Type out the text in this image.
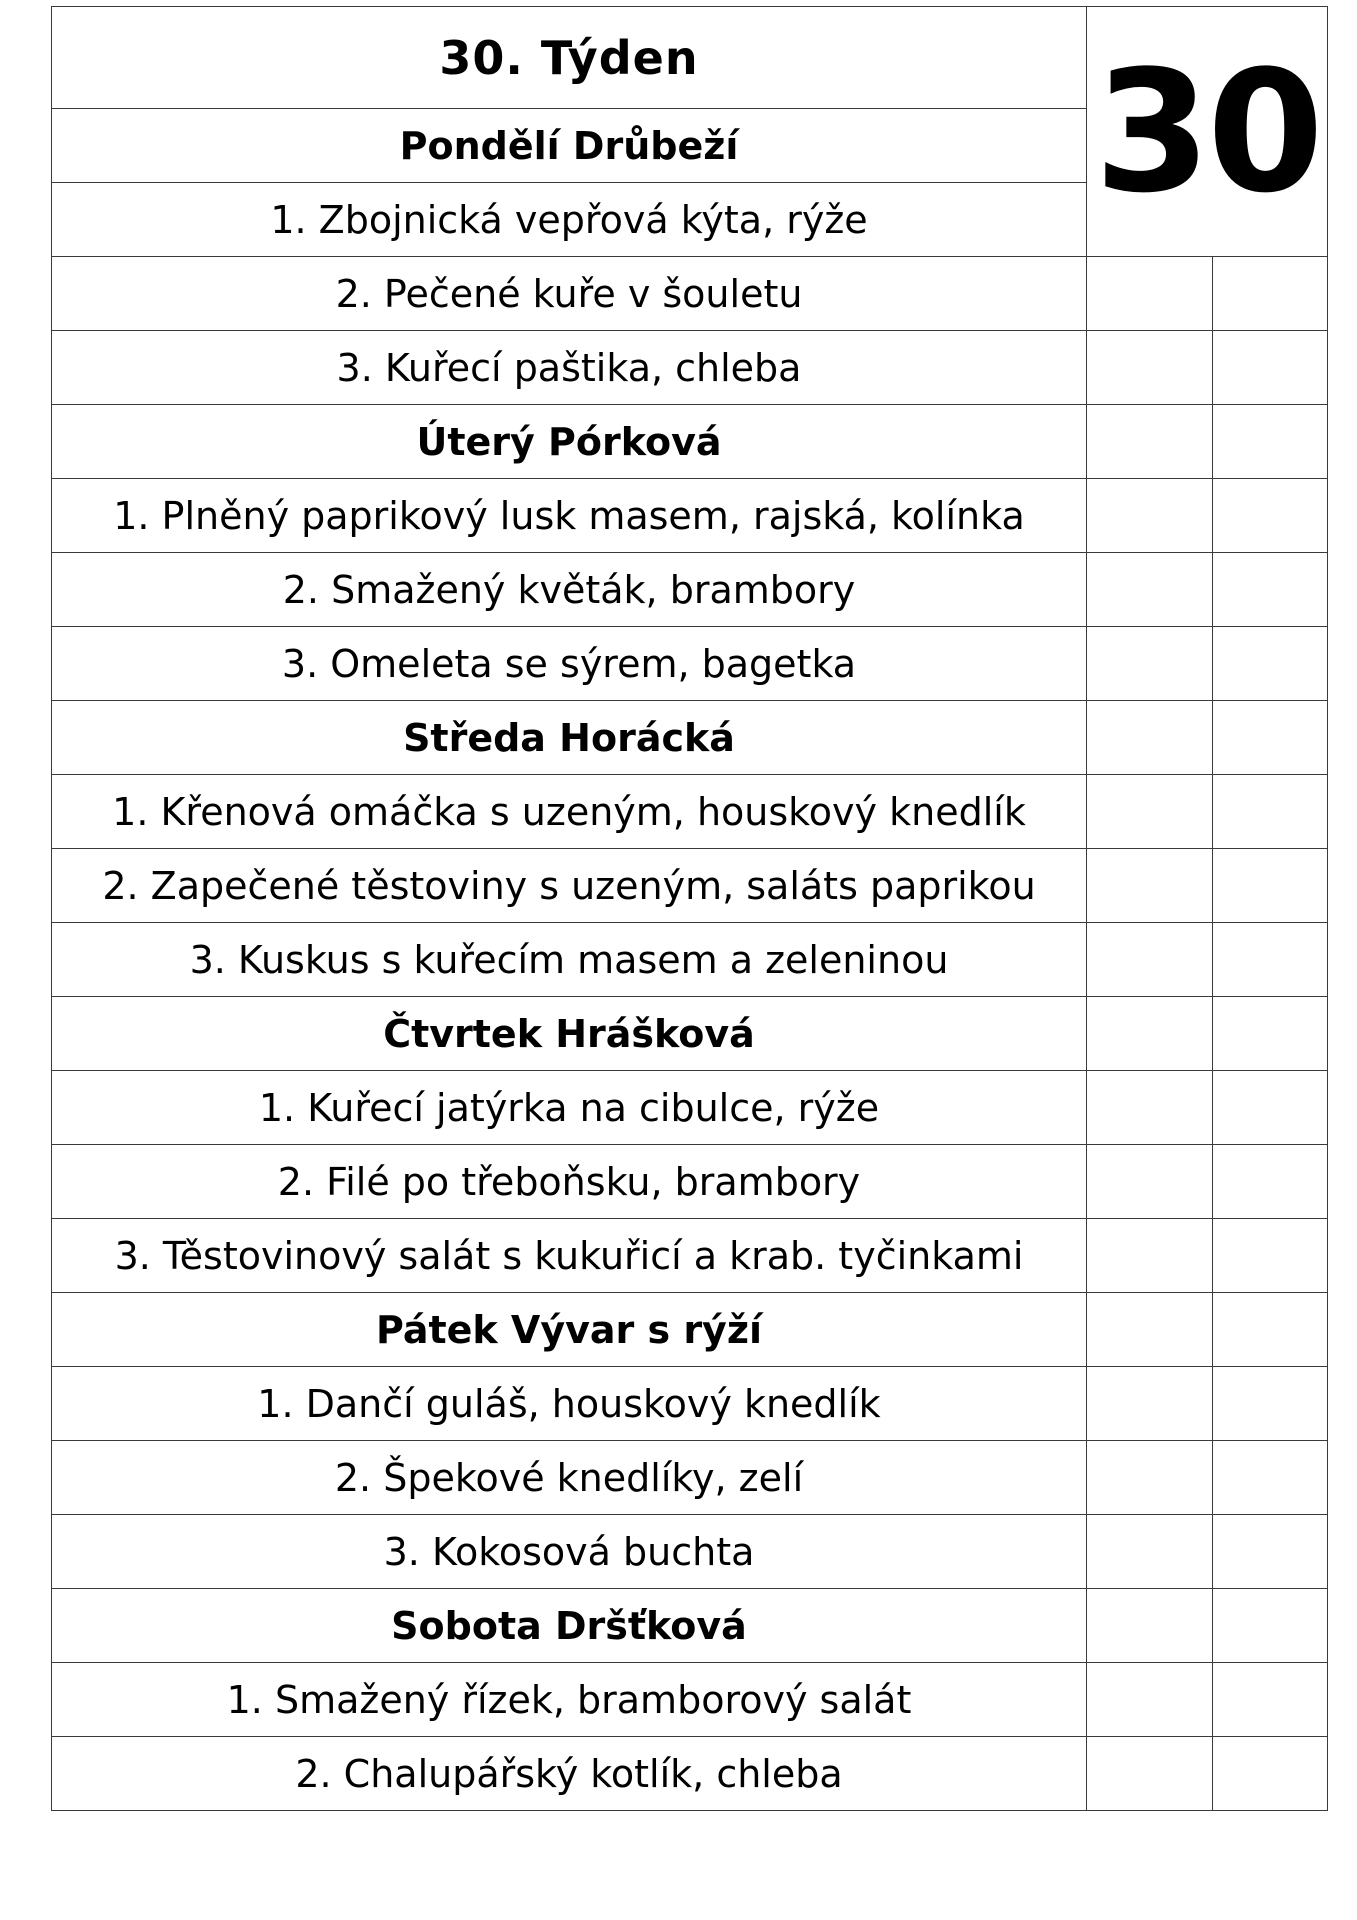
30. Týden	30	
Pondělí Drůbeží		
1. Zbojnická vepřová kýta, rýže		
2. Pečené kuře v šouletu		
3. Kuřecí paštika, chleba		
Úterý Pórková		
1. Plněný paprikový lusk masem, rajská, kolínka		
2. Smažený květák, brambory		
3. Omeleta se sýrem, bagetka		
Středa Horácká		
1. Křenová omáčka s uzeným, houskový knedlík		
2. Zapečené těstoviny s uzeným, saláts paprikou		
3. Kuskus s kuřecím masem a zeleninou		
Čtvrtek Hrášková		
1. Kuřecí jatýrka na cibulce, rýže		
2. Filé po třeboňsku, brambory		
3. Těstovinový salát s kukuřicí a krab. tyčinkami		
Pátek Vývar s rýží		
1. Dančí guláš, houskový knedlík		
2. Špekové knedlíky, zelí		
3. Kokosová buchta		
Sobota Dršťková		
1. Smažený řízek, bramborový salát		
2. Chalupářský kotlík, chleba		
